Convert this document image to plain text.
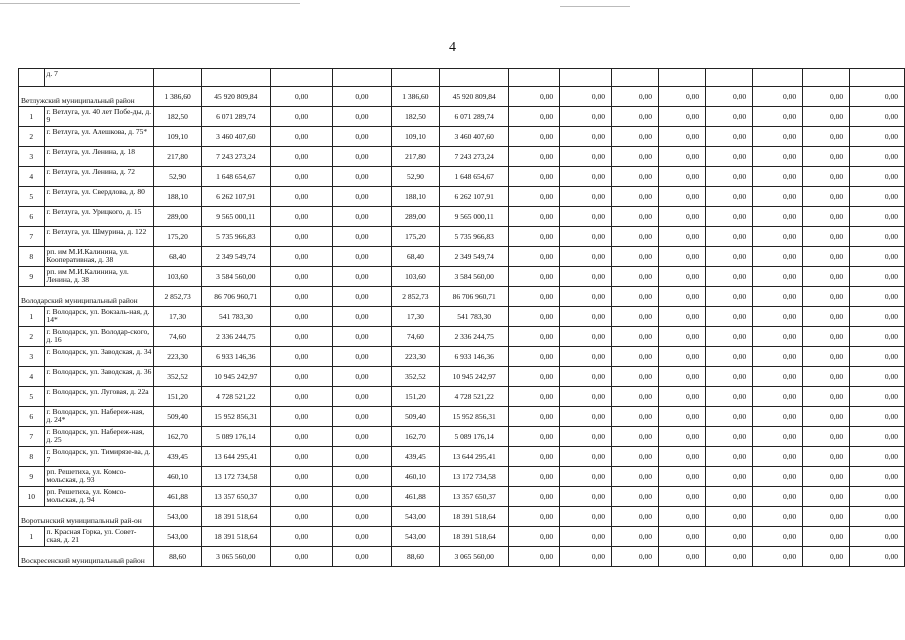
4
	д. 7														
Ветлужский муниципальный район		1 386,60	45 920 809,84	0,00	0,00	1 386,60	45 920 809,84	0,00	0,00	0,00	0,00	0,00	0,00	0,00	0,00
1	г. Ветлуга, ул. 40 лет Побе-ды, д. 9	182,50	6 071 289,74	0,00	0,00	182,50	6 071 289,74	0,00	0,00	0,00	0,00	0,00	0,00	0,00	0,00
2	г. Ветлуга, ул. Алешкова, д. 75*	109,10	3 460 407,60	0,00	0,00	109,10	3 460 407,60	0,00	0,00	0,00	0,00	0,00	0,00	0,00	0,00
3	г. Ветлуга, ул. Ленина, д. 18	217,80	7 243 273,24	0,00	0,00	217,80	7 243 273,24	0,00	0,00	0,00	0,00	0,00	0,00	0,00	0,00
4	г. Ветлуга, ул. Ленина, д. 72	52,90	1 648 654,67	0,00	0,00	52,90	1 648 654,67	0,00	0,00	0,00	0,00	0,00	0,00	0,00	0,00
5	г. Ветлуга, ул. Свердлова, д. 80	188,10	6 262 107,91	0,00	0,00	188,10	6 262 107,91	0,00	0,00	0,00	0,00	0,00	0,00	0,00	0,00
6	г. Ветлуга, ул. Урицкого, д. 15	289,00	9 565 000,11	0,00	0,00	289,00	9 565 000,11	0,00	0,00	0,00	0,00	0,00	0,00	0,00	0,00
7	г. Ветлуга, ул. Шмурина, д. 122	175,20	5 735 966,83	0,00	0,00	175,20	5 735 966,83	0,00	0,00	0,00	0,00	0,00	0,00	0,00	0,00
8	рп. им М.И.Калинина, ул. Кооперативная, д. 38	68,40	2 349 549,74	0,00	0,00	68,40	2 349 549,74	0,00	0,00	0,00	0,00	0,00	0,00	0,00	0,00
9	рп. им М.И.Калинина, ул. Ленина, д. 38	103,60	3 584 560,00	0,00	0,00	103,60	3 584 560,00	0,00	0,00	0,00	0,00	0,00	0,00	0,00	0,00
Володарский муниципальный район		2 852,73	86 706 960,71	0,00	0,00	2 852,73	86 706 960,71	0,00	0,00	0,00	0,00	0,00	0,00	0,00	0,00
1	г. Володарск, ул. Вокзаль-ная, д. 14*	17,30	541 783,30	0,00	0,00	17,30	541 783,30	0,00	0,00	0,00	0,00	0,00	0,00	0,00	0,00
2	г. Володарск, ул. Володар-ского, д. 16	74,60	2 336 244,75	0,00	0,00	74,60	2 336 244,75	0,00	0,00	0,00	0,00	0,00	0,00	0,00	0,00
3	г. Володарск, ул. Заводская, д. 34	223,30	6 933 146,36	0,00	0,00	223,30	6 933 146,36	0,00	0,00	0,00	0,00	0,00	0,00	0,00	0,00
4	г. Володарск, ул. Заводская, д. 36	352,52	10 945 242,97	0,00	0,00	352,52	10 945 242,97	0,00	0,00	0,00	0,00	0,00	0,00	0,00	0,00
5	г. Володарск, ул. Луговая, д. 22а	151,20	4 728 521,22	0,00	0,00	151,20	4 728 521,22	0,00	0,00	0,00	0,00	0,00	0,00	0,00	0,00
6	г. Володарск, ул. Набереж-ная, д. 24*	509,40	15 952 856,31	0,00	0,00	509,40	15 952 856,31	0,00	0,00	0,00	0,00	0,00	0,00	0,00	0,00
7	г. Володарск, ул. Набереж-ная, д. 25	162,70	5 089 176,14	0,00	0,00	162,70	5 089 176,14	0,00	0,00	0,00	0,00	0,00	0,00	0,00	0,00
8	г. Володарск, ул. Тимирязе-ва, д. 7	439,45	13 644 295,41	0,00	0,00	439,45	13 644 295,41	0,00	0,00	0,00	0,00	0,00	0,00	0,00	0,00
9	рп. Решетиха, ул. Комсо-мольская, д. 93	460,10	13 172 734,58	0,00	0,00	460,10	13 172 734,58	0,00	0,00	0,00	0,00	0,00	0,00	0,00	0,00
10	рп. Решетиха, ул. Комсо-мольская, д. 94	461,88	13 357 650,37	0,00	0,00	461,88	13 357 650,37	0,00	0,00	0,00	0,00	0,00	0,00	0,00	0,00
Воротынский муниципальный рай-он		543,00	18 391 518,64	0,00	0,00	543,00	18 391 518,64	0,00	0,00	0,00	0,00	0,00	0,00	0,00	0,00
1	п. Красная Горка, ул. Совет-ская, д. 21	543,00	18 391 518,64	0,00	0,00	543,00	18 391 518,64	0,00	0,00	0,00	0,00	0,00	0,00	0,00	0,00
Воскресенский муниципальный район		88,60	3 065 560,00	0,00	0,00	88,60	3 065 560,00	0,00	0,00	0,00	0,00	0,00	0,00	0,00	0,00
